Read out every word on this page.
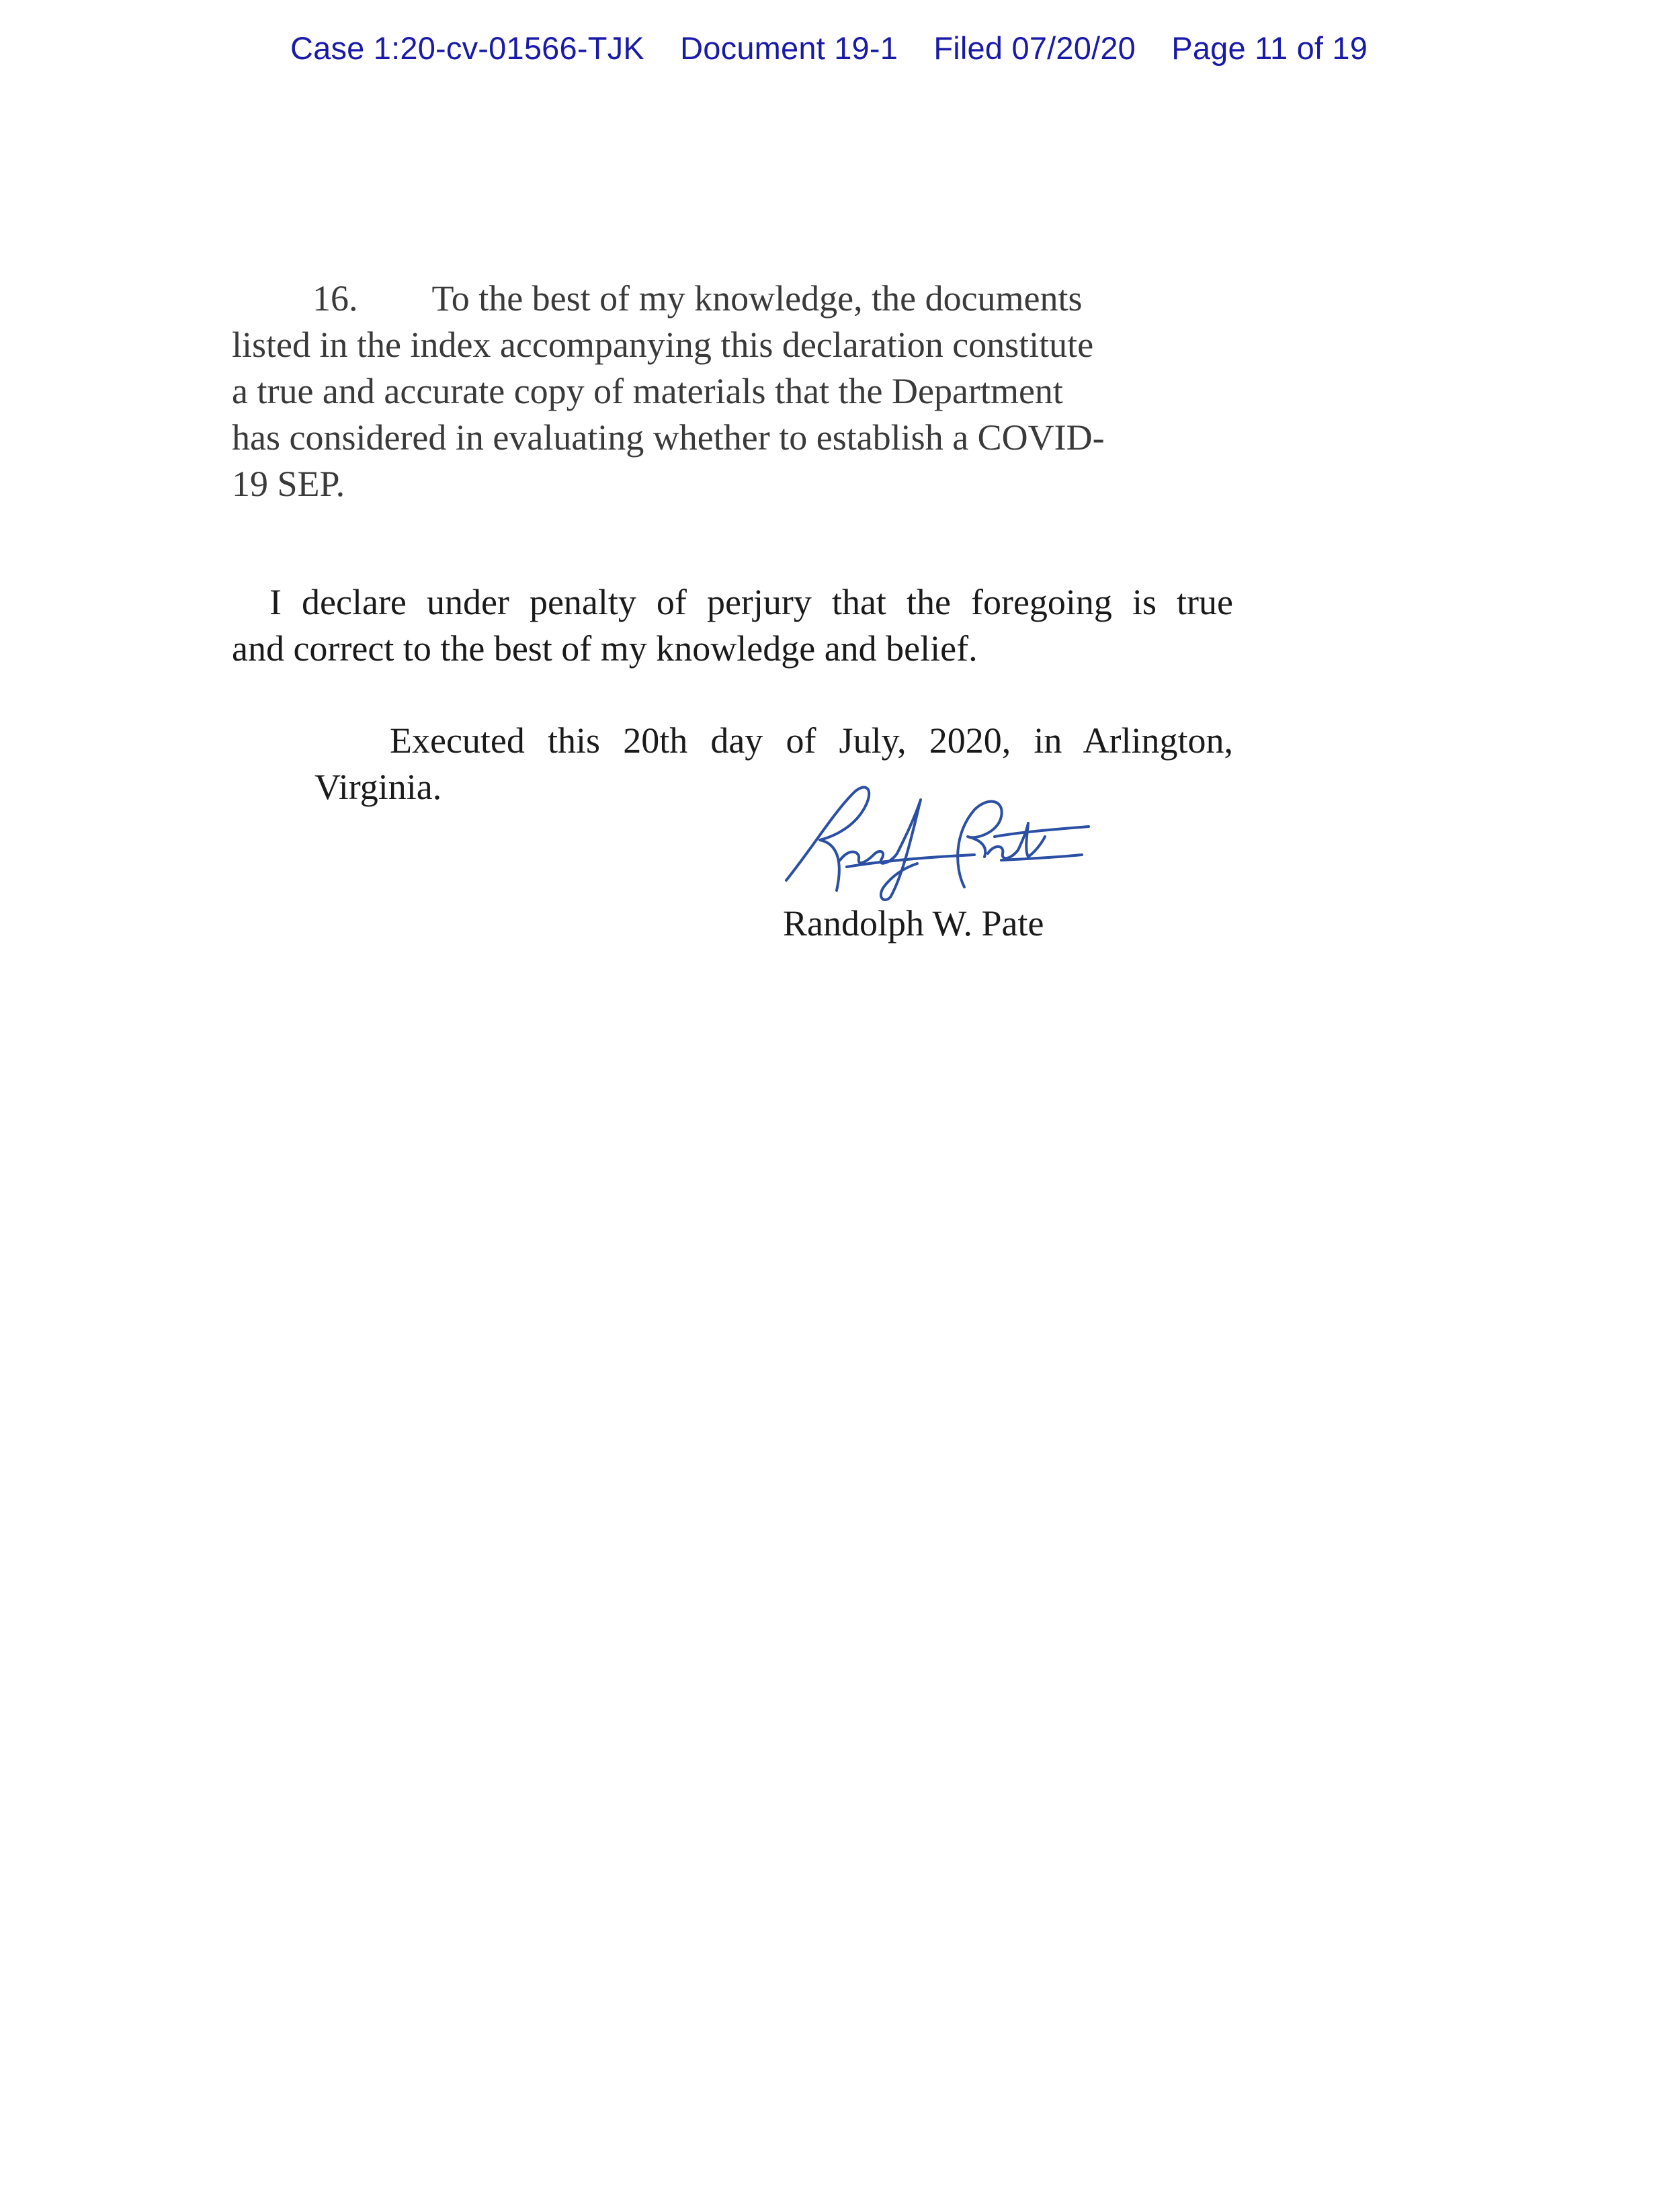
Case 1:20-cv-01566-TJK Document 19-1 Filed 07/20/20 Page 11 of 19
16. To the best of my knowledge, the documents
listed in the index accompanying this declaration constitute
a true and accurate copy of materials that the Department
has considered in evaluating whether to establish a COVID-
19 SEP.
I declare under penalty of perjury that the foregoing is true
and correct to the best of my knowledge and belief.
Executed this 20th day of July, 2020, in Arlington,
Virginia.
Randolph W. Pate
